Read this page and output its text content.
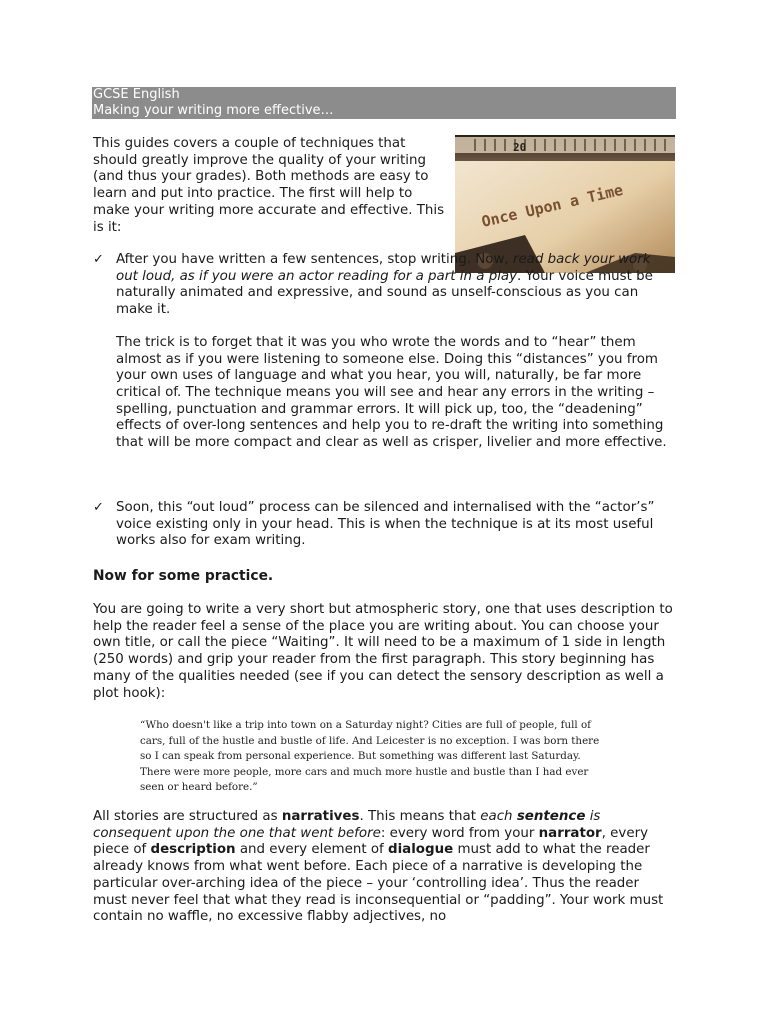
GCSE English
Making your writing more effective…
This guides covers a couple of techniques that should greatly improve the quality of your writing (and thus your grades). Both methods are easy to learn and put into practice. The first will help to make your writing more accurate and effective. This is it:
20
Once Upon a Time
✓ After you have written a few sentences, stop writing. Now, read back your work out loud, as if you were an actor reading for a part in a play. Your voice must be naturally animated and expressive, and sound as unself-conscious as you can make it.
The trick is to forget that it was you who wrote the words and to “hear” them almost as if you were listening to someone else. Doing this “distances” you from your own uses of language and what you hear, you will, naturally, be far more critical of. The technique means you will see and hear any errors in the writing – spelling, punctuation and grammar errors. It will pick up, too, the “deadening” effects of over-long sentences and help you to re-draft the writing into something that will be more compact and clear as well as crisper, livelier and more effective.
✓ Soon, this “out loud” process can be silenced and internalised with the “actor’s” voice existing only in your head. This is when the technique is at its most useful works also for exam writing.
Now for some practice.
You are going to write a very short but atmospheric story, one that uses description to help the reader feel a sense of the place you are writing about. You can choose your own title, or call the piece “Waiting”. It will need to be a maximum of 1 side in length (250 words) and grip your reader from the first paragraph. This story beginning has many of the qualities needed (see if you can detect the sensory description as well a plot hook):
“Who doesn't like a trip into town on a Saturday night? Cities are full of people, full of cars, full of the hustle and bustle of life. And Leicester is no exception. I was born there so I can speak from personal experience. But something was different last Saturday. There were more people, more cars and much more hustle and bustle than I had ever seen or heard before.”
All stories are structured as narratives. This means that each sentence is consequent upon the one that went before: every word from your narrator, every piece of description and every element of dialogue must add to what the reader already knows from what went before. Each piece of a narrative is developing the particular over-arching idea of the piece – your ‘controlling idea’. Thus the reader must never feel that what they read is inconsequential or “padding”. Your work must contain no waffle, no excessive flabby adjectives, no
